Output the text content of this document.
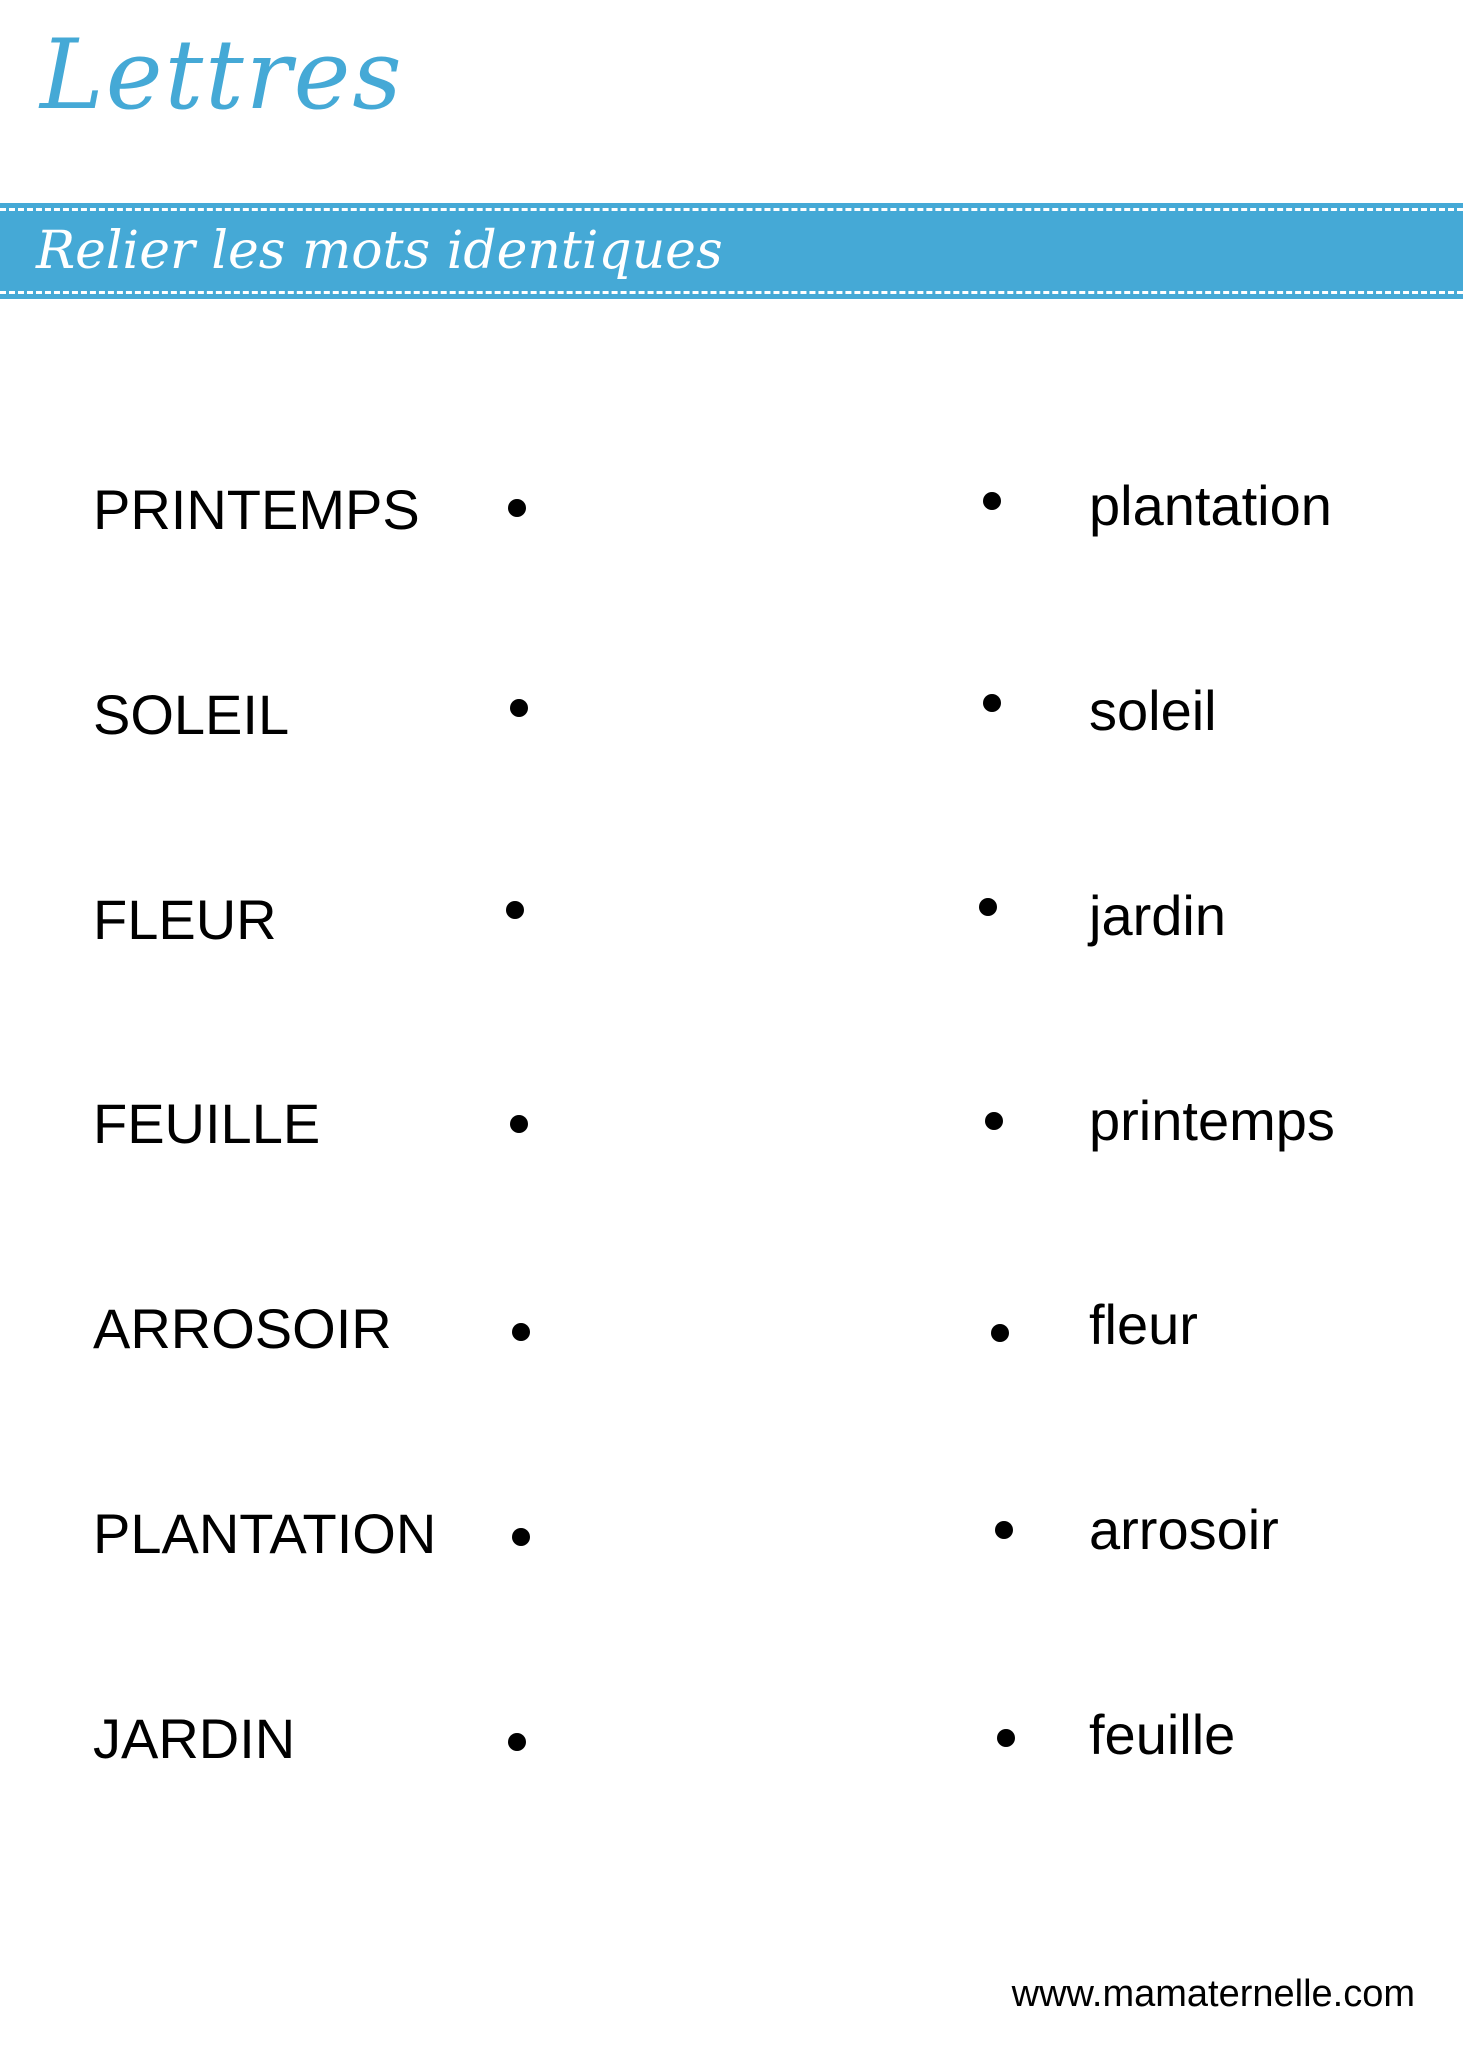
Lettres
Relier les mots identiques
PRINTEMPS
SOLEIL
FLEUR
FEUILLE
ARROSOIR
PLANTATION
JARDIN
plantation
soleil
jardin
printemps
fleur
arrosoir
feuille
www.mamaternelle.com
